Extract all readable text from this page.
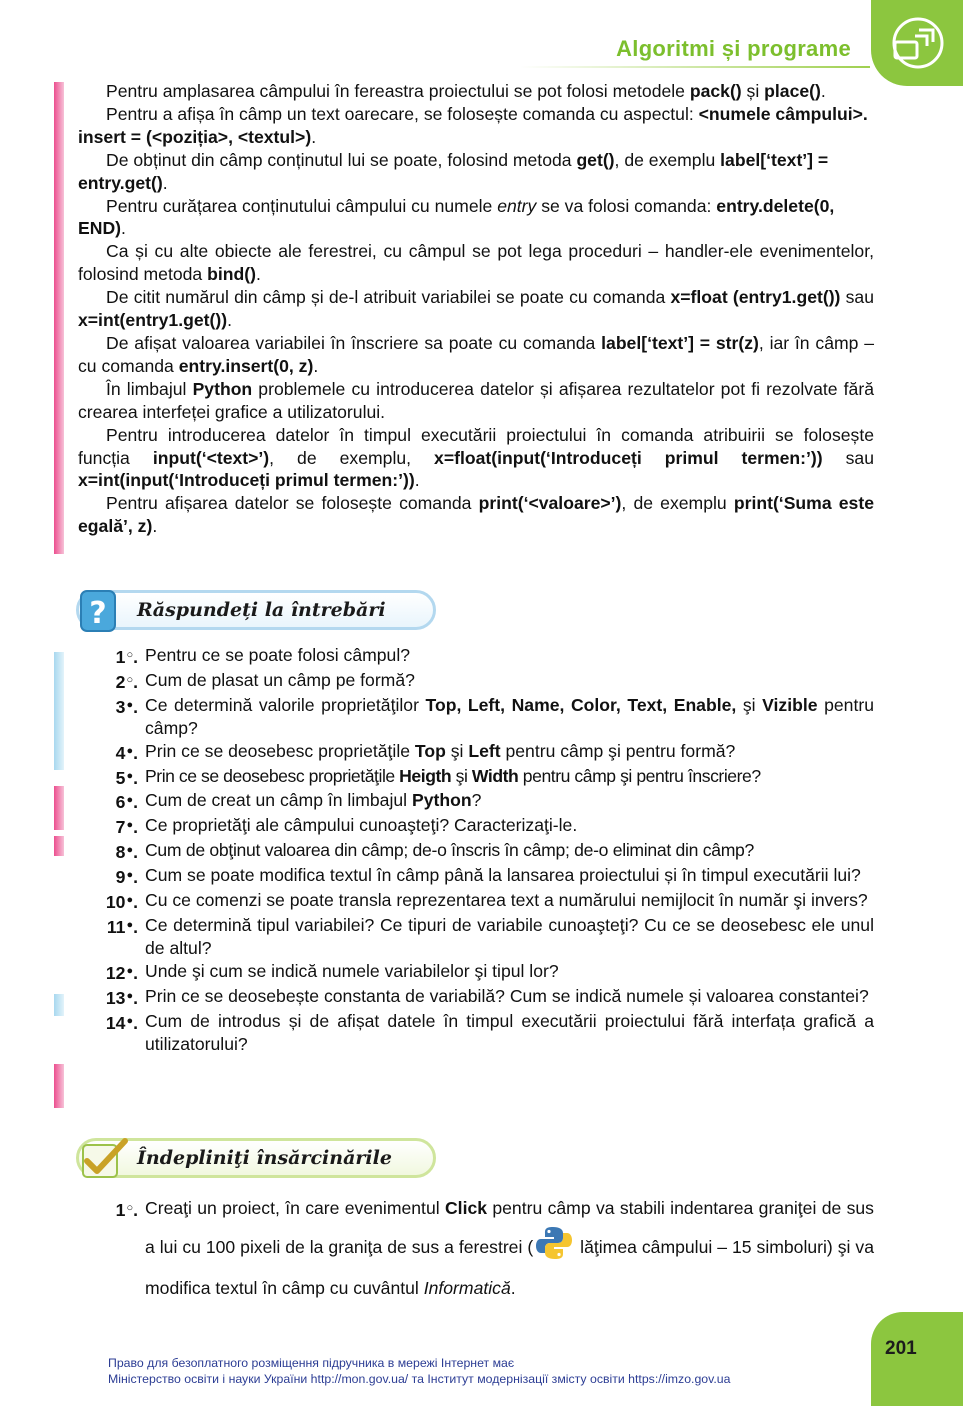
Algoritmi și programe

Pentru amplasarea câmpului în fereastra proiectului se pot folosi metodele pack() și place().

Pentru a afișa în câmp un text oarecare, se folosește comanda cu aspectul: <numele câmpului>. insert = (<poziția>, <textul>).

De obținut din câmp conținutul lui se poate, folosind metoda get(), de exemplu label[‘text’] = entry.get().

Pentru curățarea conținutului câmpului cu numele entry se va folosi comanda: entry.delete(0, END).

Ca și cu alte obiecte ale ferestrei, cu câmpul se pot lega proceduri – handler-ele evenimentelor, folosind metoda bind().

De citit numărul din câmp și de-l atribuit variabilei se poate cu comanda x=float (entry1.get()) sau x=int(entry1.get()).

De afișat valoarea variabilei în înscriere sa poate cu comanda label[‘text’] = str(z), iar în câmp – cu comanda entry.insert(0, z).

În limbajul Python problemele cu introducerea datelor și afișarea rezultatelor pot fi rezolvate fără crearea interfeței grafice a utilizatorului.

Pentru introducerea datelor în timpul executării proiectului în comanda atribuirii se folosește funcția input(‘<text>’), de exemplu, x=float(input(‘Introduceți primul termen:’)) sau x=int(input(‘Introduceți primul termen:’)).

Pentru afișarea datelor se folosește comanda print(‘<valoare>’), de exemplu print(‘Suma este egală’, z).

? Răspundeți la întrebări
1○. Pentru ce se poate folosi câmpul?
2○. Cum de plasat un câmp pe formă?
3●. Ce determină valorile proprietăţilor Top, Left, Name, Color, Text, Enable, şi Vizible pentru câmp?
4●. Prin ce se deosebesc proprietăţile Top şi Left pentru câmp şi pentru formă?
5●. Prin ce se deosebesc proprietăţile Heigth şi Width pentru câmp şi pentru înscriere?
6●. Cum de creat un câmp în limbajul Python?
7●. Ce proprietăţi ale câmpului cunoaşteţi? Caracterizaţi-le.
8●. Cum de obţinut valoarea din câmp; de-o înscris în câmp; de-o eliminat din câmp?
9●. Cum se poate modifica textul în câmp până la lansarea proiectului și în timpul executării lui?
10●. Cu ce comenzi se poate transla reprezentarea text a numărului nemijlocit în număr şi invers?
11●. Ce determină tipul variabilei? Ce tipuri de variabile cunoaşteţi? Cu ce se deosebesc ele unul de altul?
12●. Unde şi cum se indică numele variabilelor şi tipul lor?
13●. Prin ce se deosebește constanta de variabilă? Cum se indică numele și valoarea constantei?
14●. Cum de introdus și de afișat datele în timpul executării proiectului fără interfața grafică a utilizatorului?
Îndepliniţi însărcinările
1○. Creaţi un proiect, în care evenimentul Click pentru câmp va stabili indentarea graniţei de sus a lui cu 100 pixeli de la graniţa de sus a ferestrei ( lăţimea câmpului – 15 simboluri) şi va modifica textul în câmp cu cuvântul Informatică.
Право для безоплатного розміщення підручника в мережі Інтернет має
Міністерство освіти і науки України http://mon.gov.ua/ та Інститут модернізації змісту освіти https://imzo.gov.ua
201
